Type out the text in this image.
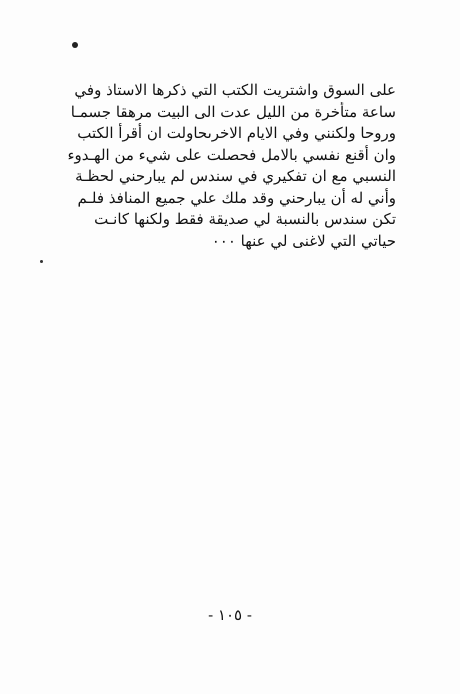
على السوق واشتريت الكتب التي ذكرها الاستاذ وفي
ساعة متأخرة من الليل عدت الى البيت مرهقا جسمـا
وروحا ولكنني وفي الايام الاخرىحاولت ان أقرأ الكتب
وان أقنع نفسي بالامل فحصلت على شيء من الهـدوء
النسبي مع ان تفكيري في سندس لم يبارحني لحظـة
وأني له أن يبارحني وقد ملك علي جميع المنافذ فلـم
تكن سندس بالنسبة لي صديقة فقط ولكنها كانـت
حياتي التي لاغنى لي عنها ٠٠٠
- ١٠٥ -
